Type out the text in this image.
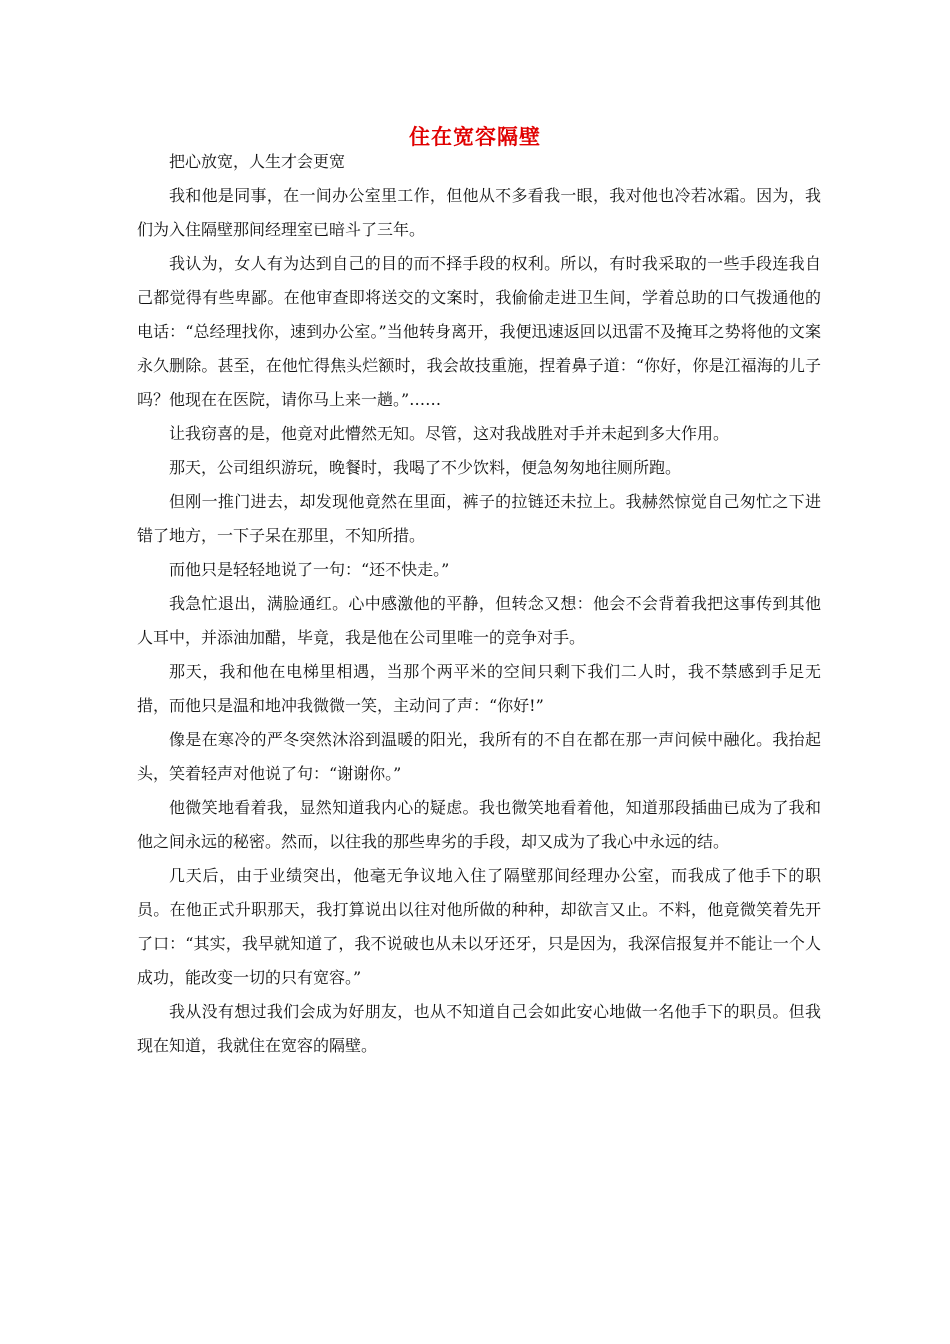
住在宽容隔壁

把心放宽，人生才会更宽

我和他是同事，在一间办公室里工作，但他从不多看我一眼，我对他也冷若冰霜。因为，我们为入住隔壁那间经理室已暗斗了三年。

我认为，女人有为达到自己的目的而不择手段的权利。所以，有时我采取的一些手段连我自己都觉得有些卑鄙。在他审查即将送交的文案时，我偷偷走进卫生间，学着总助的口气拨通他的电话：“总经理找你，速到办公室。”当他转身离开，我便迅速返回以迅雷不及掩耳之势将他的文案永久删除。甚至，在他忙得焦头烂额时，我会故技重施，捏着鼻子道：“你好，你是江福海的儿子吗？他现在在医院，请你马上来一趟。”……

让我窃喜的是，他竟对此懵然无知。尽管，这对我战胜对手并未起到多大作用。

那天，公司组织游玩，晚餐时，我喝了不少饮料，便急匆匆地往厕所跑。

但刚一推门进去，却发现他竟然在里面，裤子的拉链还未拉上。我赫然惊觉自己匆忙之下进错了地方，一下子呆在那里，不知所措。

而他只是轻轻地说了一句：“还不快走。”

我急忙退出，满脸通红。心中感激他的平静，但转念又想：他会不会背着我把这事传到其他人耳中，并添油加醋，毕竟，我是他在公司里唯一的竞争对手。

那天，我和他在电梯里相遇，当那个两平米的空间只剩下我们二人时，我不禁感到手足无措，而他只是温和地冲我微微一笑，主动问了声：“你好!”

像是在寒冷的严冬突然沐浴到温暖的阳光，我所有的不自在都在那一声问候中融化。我抬起头，笑着轻声对他说了句：“谢谢你。”

他微笑地看着我，显然知道我内心的疑虑。我也微笑地看着他，知道那段插曲已成为了我和他之间永远的秘密。然而，以往我的那些卑劣的手段，却又成为了我心中永远的结。

几天后，由于业绩突出，他毫无争议地入住了隔壁那间经理办公室，而我成了他手下的职员。在他正式升职那天，我打算说出以往对他所做的种种，却欲言又止。不料，他竟微笑着先开了口：“其实，我早就知道了，我不说破也从未以牙还牙，只是因为，我深信报复并不能让一个人成功，能改变一切的只有宽容。”

我从没有想过我们会成为好朋友，也从不知道自己会如此安心地做一名他手下的职员。但我现在知道，我就住在宽容的隔壁。
